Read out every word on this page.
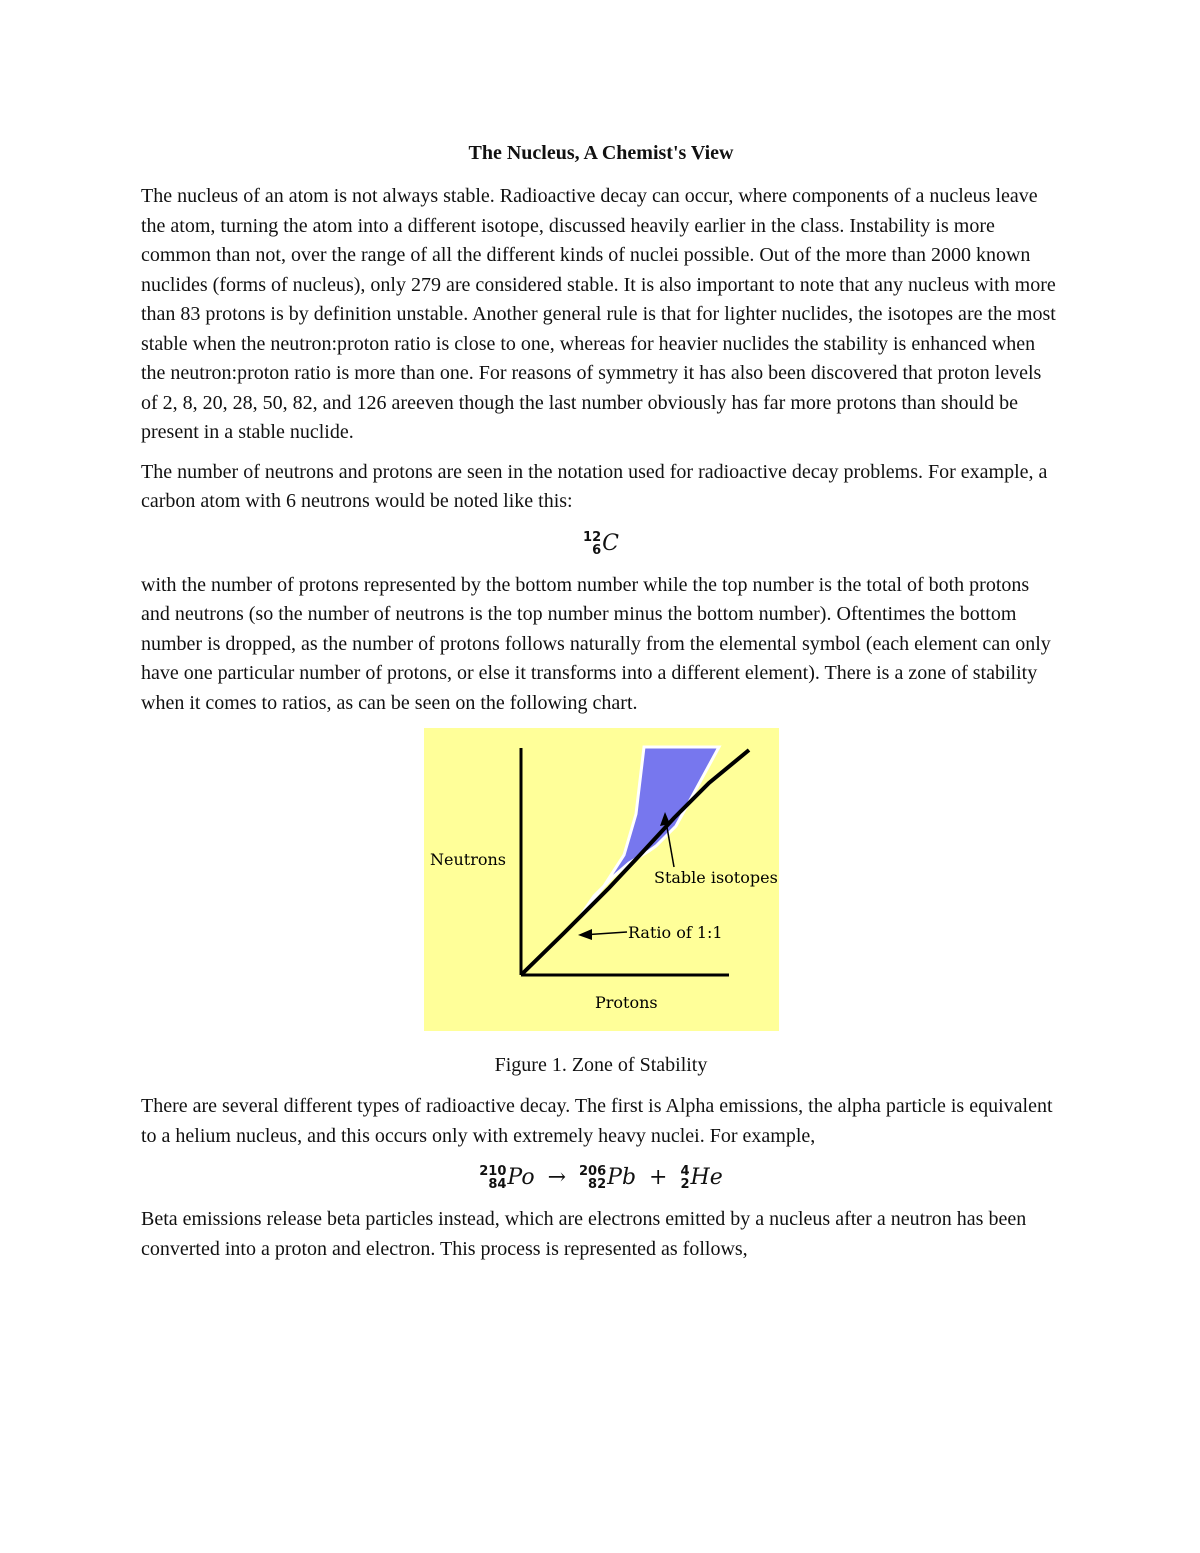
The Nucleus, A Chemist's View

The nucleus of an atom is not always stable. Radioactive decay can occur, where components of a nucleus leave the atom, turning the atom into a different isotope, discussed heavily earlier in the class. Instability is more common than not, over the range of all the different kinds of nuclei possible. Out of the more than 2000 known nuclides (forms of nucleus), only 279 are considered stable. It is also important to note that any nucleus with more than 83 protons is by definition unstable. Another general rule is that for lighter nuclides, the isotopes are the most stable when the neutron:proton ratio is close to one, whereas for heavier nuclides the stability is enhanced when the neutron:proton ratio is more than one. For reasons of symmetry it has also been discovered that proton levels of 2, 8, 20, 28, 50, 82, and 126 areeven though the last number obviously has far more protons than should be present in a stable nuclide.

The number of neutrons and protons are seen in the notation used for radioactive decay problems. For example, a carbon atom with 6 neutrons would be noted like this:

12
6 C

with the number of protons represented by the bottom number while the top number is the total of both protons and neutrons (so the number of neutrons is the top number minus the bottom number). Oftentimes the bottom number is dropped, as the number of protons follows naturally from the elemental symbol (each element can only have one particular number of protons, or else it transforms into a different element). There is a zone of stability when it comes to ratios, as can be seen on the following chart.

Neutrons
Protons
Stable isotopes
Ratio of 1:1
Figure 1. Zone of Stability

There are several different types of radioactive decay. The first is Alpha emissions, the alpha particle is equivalent to a helium nucleus, and this occurs only with extremely heavy nuclei. For example,

210
84 Po → 206
82 Pb + 4
2 He

Beta emissions release beta particles instead, which are electrons emitted by a nucleus after a neutron has been converted into a proton and electron. This process is represented as follows,
